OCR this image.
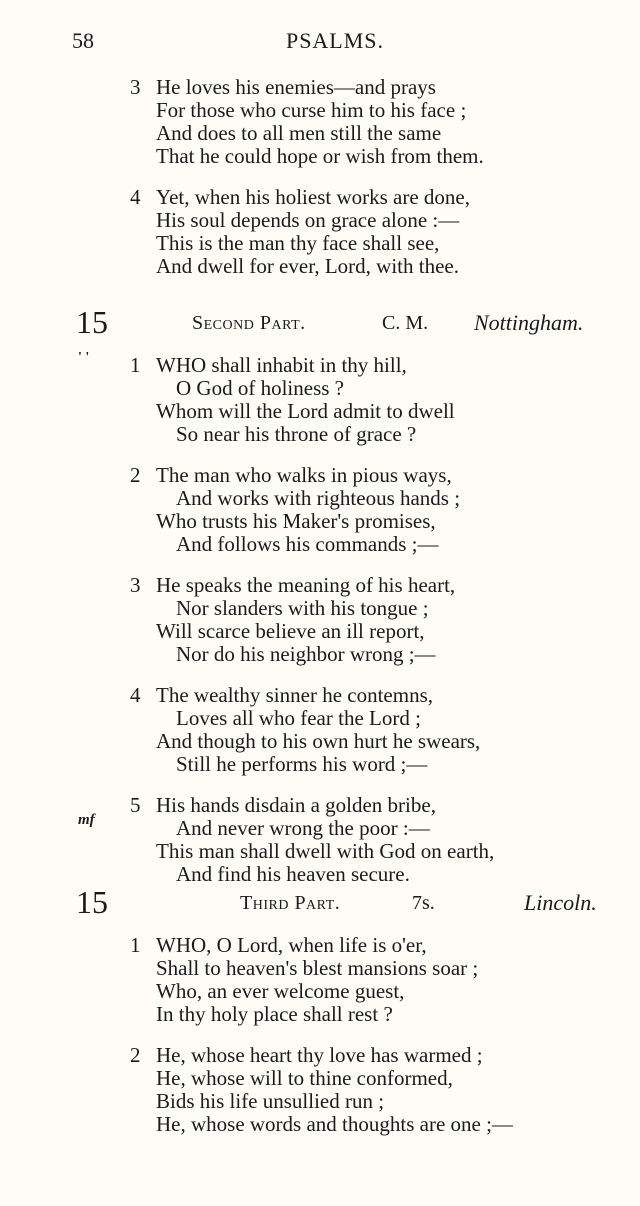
58	PSALMS.
3 He loves his enemies—and prays
For those who curse him to his face ;
And does to all men still the same
That he could hope or wish from them.
4 Yet, when his holiest works are done,
His soul depends on grace alone :—
This is the man thy face shall see,
And dwell for ever, Lord, with thee.
15	Second Part.	C. M. Nottingham.
' '
mf
1 WHO shall inhabit in thy hill,
O God of holiness ?
Whom will the Lord admit to dwell
So near his throne of grace ?
2 The man who walks in pious ways,
And works with righteous hands ;
Who trusts his Maker's promises,
And follows his commands ;—
3 He speaks the meaning of his heart,
Nor slanders with his tongue ;
Will scarce believe an ill report,
Nor do his neighbor wrong ;—
4 The wealthy sinner he contemns,
Loves all who fear the Lord ;
And though to his own hurt he swears,
Still he performs his word ;—
5 His hands disdain a golden bribe,
And never wrong the poor :—
This man shall dwell with God on earth,
And find his heaven secure.
15	Third Part.	7s.	Lincoln.
1 WHO, O Lord, when life is o'er,
Shall to heaven's blest mansions soar ;
Who, an ever welcome guest,
In thy holy place shall rest ?
2 He, whose heart thy love has warmed ;
He, whose will to thine conformed,
Bids his life unsullied run ;
He, whose words and thoughts are one ;—
